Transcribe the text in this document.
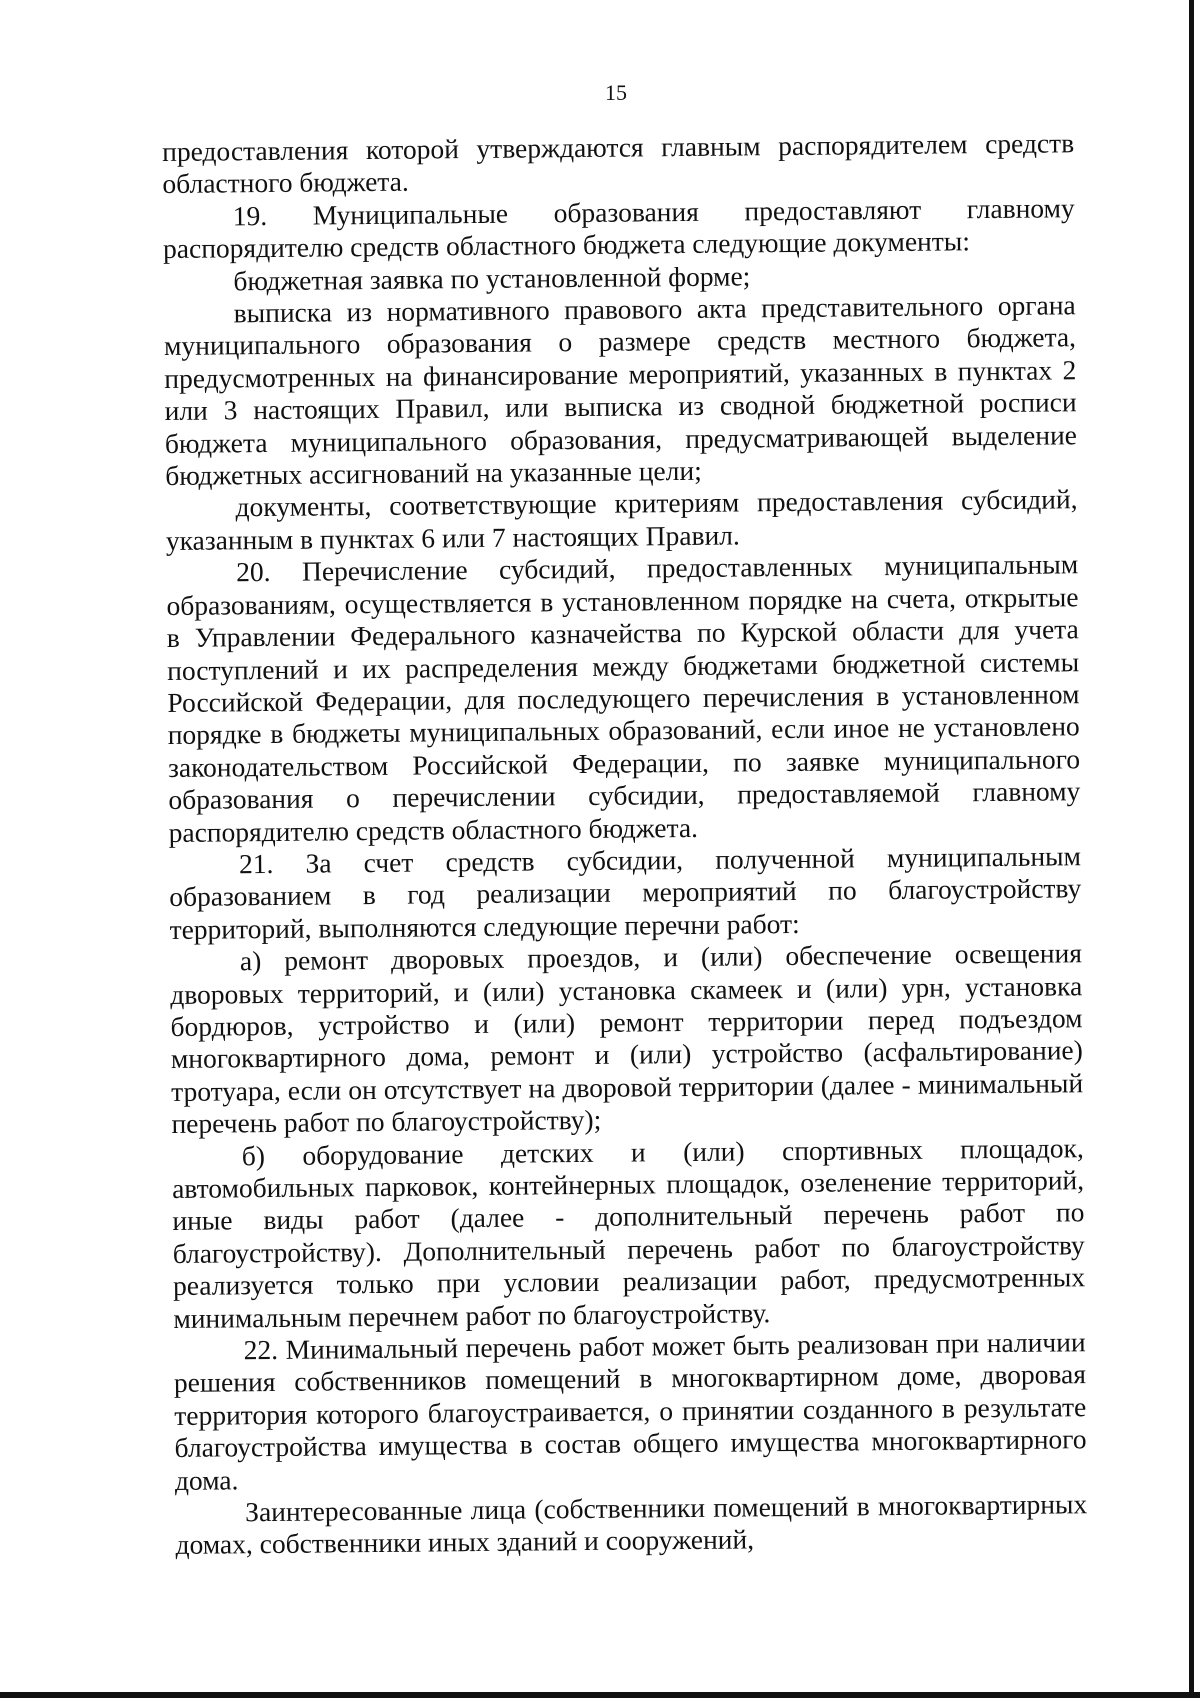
15

предоставления которой утверждаются главным распорядителем средств областного бюджета.

19. Муниципальные образования предоставляют главному распорядителю средств областного бюджета следующие документы:

бюджетная заявка по установленной форме;

выписка из нормативного правового акта представительного органа муниципального образования о размере средств местного бюджета, предусмотренных на финансирование мероприятий, указанных в пунктах 2 или 3 настоящих Правил, или выписка из сводной бюджетной росписи бюджета муниципального образования, предусматривающей выделение бюджетных ассигнований на указанные цели;

документы, соответствующие критериям предоставления субсидий, указанным в пунктах 6 или 7 настоящих Правил.

20. Перечисление субсидий, предоставленных муниципальным образованиям, осуществляется в установленном порядке на счета, открытые в Управлении Федерального казначейства по Курской области для учета поступлений и их распределения между бюджетами бюджетной системы Российской Федерации, для последующего перечисления в установленном порядке в бюджеты муниципальных образований, если иное не установлено законодательством Российской Федерации, по заявке муниципального образования о перечислении субсидии, предоставляемой главному распорядителю средств областного бюджета.

21. За счет средств субсидии, полученной муниципальным образованием в год реализации мероприятий по благоустройству территорий, выполняются следующие перечни работ:

а) ремонт дворовых проездов, и (или) обеспечение освещения дворовых территорий, и (или) установка скамеек и (или) урн, установка бордюров, устройство и (или) ремонт территории перед подъездом многоквартирного дома, ремонт и (или) устройство (асфальтирование) тротуара, если он отсутствует на дворовой территории (далее - минимальный перечень работ по благоустройству);

б) оборудование детских и (или) спортивных площадок, автомобильных парковок, контейнерных площадок, озеленение территорий, иные виды работ (далее - дополнительный перечень работ по благоустройству). Дополнительный перечень работ по благоустройству реализуется только при условии реализации работ, предусмотренных минимальным перечнем работ по благоустройству.

22. Минимальный перечень работ может быть реализован при наличии решения собственников помещений в многоквартирном доме, дворовая территория которого благоустраивается, о принятии созданного в результате благоустройства имущества в состав общего имущества многоквартирного дома.

Заинтересованные лица (собственники помещений в многоквартирных домах, собственники иных зданий и сооружений,
